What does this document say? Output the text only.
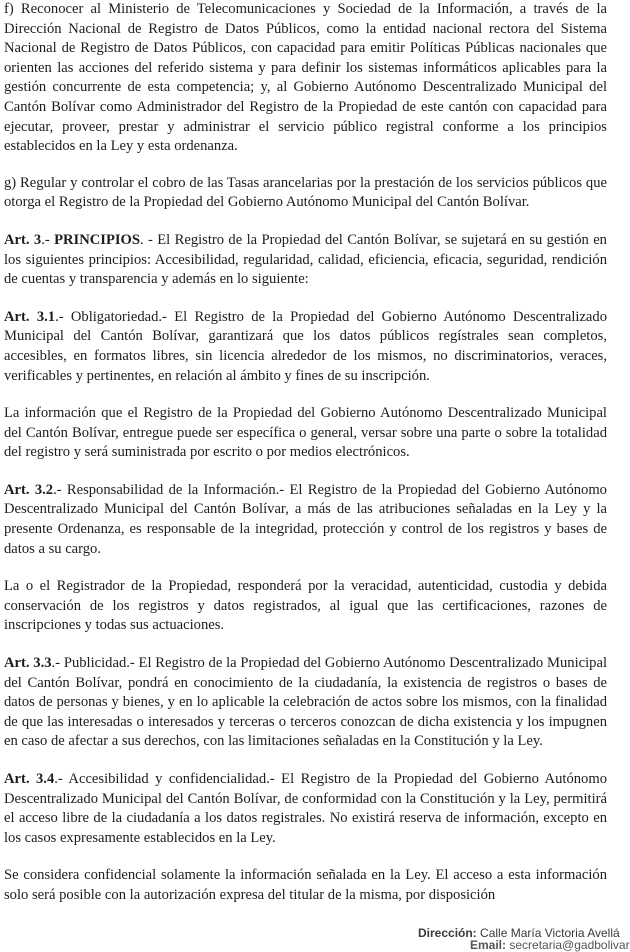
f) Reconocer al Ministerio de Telecomunicaciones y Sociedad de la Información, a través de la Dirección Nacional de Registro de Datos Públicos, como la entidad nacional rectora del Sistema Nacional de Registro de Datos Públicos, con capacidad para emitir Políticas Públicas nacionales que orienten las acciones del referido sistema y para definir los sistemas informáticos aplicables para la gestión concurrente de esta competencia; y, al Gobierno Autónomo Descentralizado Municipal del Cantón Bolívar como Administrador del Registro de la Propiedad de este cantón con capacidad para ejecutar, proveer, prestar y administrar el servicio público registral conforme a los principios establecidos en la Ley y esta ordenanza.

g) Regular y controlar el cobro de las Tasas arancelarias por la prestación de los servicios públicos que otorga el Registro de la Propiedad del Gobierno Autónomo Municipal del Cantón Bolívar.

Art. 3.- PRINCIPIOS. - El Registro de la Propiedad del Cantón Bolívar, se sujetará en su gestión en los siguientes principios: Accesibilidad, regularidad, calidad, eficiencia, eficacia, seguridad, rendición de cuentas y transparencia y además en lo siguiente:

Art. 3.1.- Obligatoriedad.- El Registro de la Propiedad del Gobierno Autónomo Descentralizado Municipal del Cantón Bolívar, garantizará que los datos públicos regístrales sean completos, accesibles, en formatos libres, sin licencia alrededor de los mismos, no discriminatorios, veraces, verificables y pertinentes, en relación al ámbito y fines de su inscripción.

La información que el Registro de la Propiedad del Gobierno Autónomo Descentralizado Municipal del Cantón Bolívar, entregue puede ser específica o general, versar sobre una parte o sobre la totalidad del registro y será suministrada por escrito o por medios electrónicos.

Art. 3.2.- Responsabilidad de la Información.- El Registro de la Propiedad del Gobierno Autónomo Descentralizado Municipal del Cantón Bolívar, a más de las atribuciones señaladas en la Ley y la presente Ordenanza, es responsable de la integridad, protección y control de los registros y bases de datos a su cargo.

La o el Registrador de la Propiedad, responderá por la veracidad, autenticidad, custodia y debida conservación de los registros y datos registrados, al igual que las certificaciones, razones de inscripciones y todas sus actuaciones.

Art. 3.3.- Publicidad.- El Registro de la Propiedad del Gobierno Autónomo Descentralizado Municipal del Cantón Bolívar, pondrá en conocimiento de la ciudadanía, la existencia de registros o bases de datos de personas y bienes, y en lo aplicable la celebración de actos sobre los mismos, con la finalidad de que las interesadas o interesados y terceras o terceros conozcan de dicha existencia y los impugnen en caso de afectar a sus derechos, con las limitaciones señaladas en la Constitución y la Ley.

Art. 3.4.- Accesibilidad y confidencialidad.- El Registro de la Propiedad del Gobierno Autónomo Descentralizado Municipal del Cantón Bolívar, de conformidad con la Constitución y la Ley, permitirá el acceso libre de la ciudadanía a los datos registrales. No existirá reserva de información, excepto en los casos expresamente establecidos en la Ley.

Se considera confidencial solamente la información señalada en la Ley. El acceso a esta información solo será posible con la autorización expresa del titular de la misma, por disposición

Dirección: Calle María Victoria Avellá
Email: secretaria@gadbolivar
